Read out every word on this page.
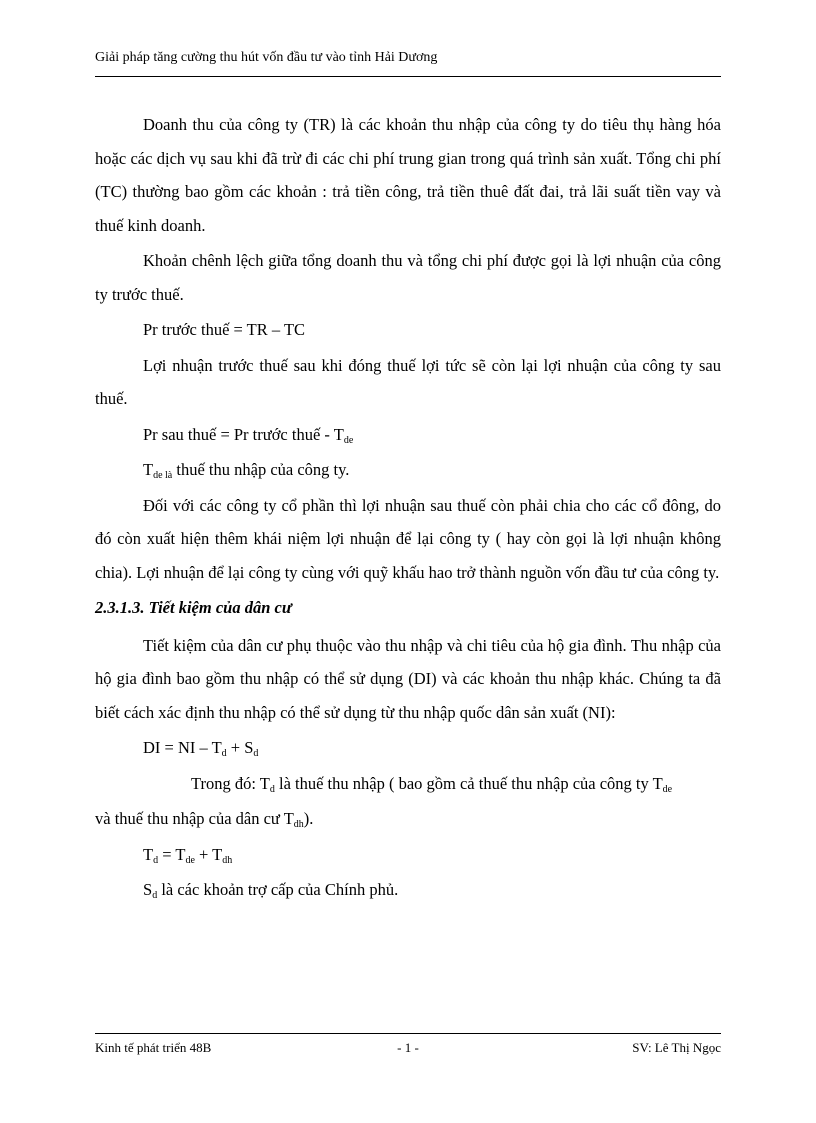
Giải pháp tăng cường thu hút vốn đầu tư vào tỉnh Hải Dương

Doanh thu của công ty (TR) là các khoản thu nhập của công ty do tiêu thụ hàng hóa hoặc các dịch vụ sau khi đã trừ đi các chi phí trung gian trong quá trình sản xuất. Tổng chi phí (TC) thường bao gồm các khoản : trả tiền công, trả tiền thuê đất đai, trả lãi suất tiền vay và thuế kinh doanh.

Khoản chênh lệch giữa tổng doanh thu và tổng chi phí được gọi là lợi nhuận của công ty trước thuế.

Pr trước thuế = TR – TC

Lợi nhuận trước thuế sau khi đóng thuế lợi tức sẽ còn lại lợi nhuận của công ty sau thuế.

Pr sau thuế = Pr trước thuế - $T_{de}$

$T_{de là}$ thuế thu nhập của công ty.

Đối với các công ty cổ phần thì lợi nhuận sau thuế còn phải chia cho các cổ đông, do đó còn xuất hiện thêm khái niệm lợi nhuận để lại công ty ( hay còn gọi là lợi nhuận không chia). Lợi nhuận để lại công ty cùng với quỹ khấu hao trở thành nguồn vốn đầu tư của công ty.

2.3.1.3. Tiết kiệm của dân cư

Tiết kiệm của dân cư phụ thuộc vào thu nhập và chi tiêu của hộ gia đình. Thu nhập của hộ gia đình bao gồm thu nhập có thể sử dụng (DI) và các khoản thu nhập khác. Chúng ta đã biết cách xác định thu nhập có thể sử dụng từ thu nhập quốc dân sản xuất (NI):

DI = NI – $T_d + S_d$

Trong đó: $T_d$ là thuế thu nhập ( bao gồm cả thuế thu nhập của công ty $T_{de}$

và thuế thu nhập của dân cư $T_{dh}$).

$T_d = T_{de} + T_{dh}$

$S_d$ là các khoản trợ cấp của Chính phủ.

Kinh tế phát triển 48B	- 1 -	SV: Lê Thị Ngọc
